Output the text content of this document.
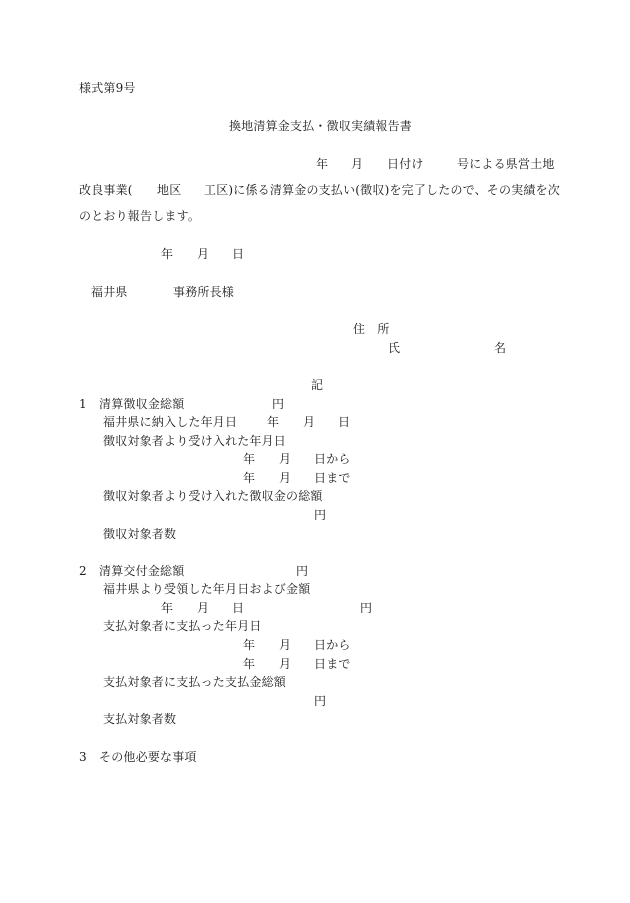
様式第9号
換地清算金支払・徴収実績報告書
年 月 日付け	号による県営土地
改良事業( 地区 工区)に係る清算金の支払い(徴収)を完了したので、その実績を次
のとおり報告します。
年 月 日
福井県	事務所長様
住　所
氏	名
記
1　清算徴収金総額	円
福井県に納入した年月日 年 月 日
徴収対象者より受け入れた年月日
年 月 日から
年 月 日まで
徴収対象者より受け入れた徴収金の総額
円
徴収対象者数
2　清算交付金総額	円
福井県より受領した年月日および金額
年 月 日	円
支払対象者に支払った年月日
年 月 日から
年 月 日まで
支払対象者に支払った支払金総額
円
支払対象者数
3　その他必要な事項
